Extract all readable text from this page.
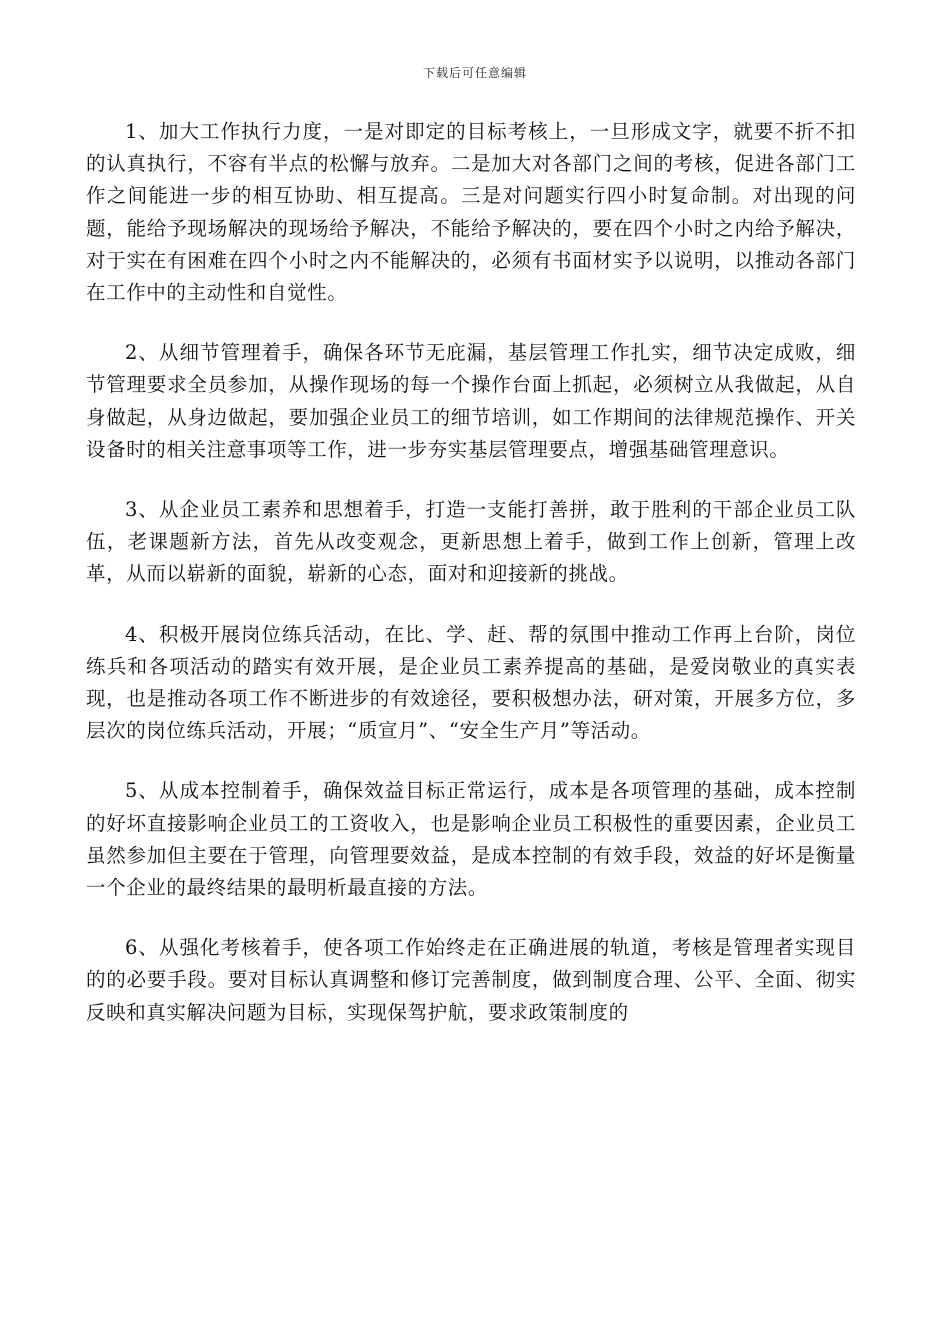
下载后可任意编辑

1、加大工作执行力度，一是对即定的目标考核上，一旦形成文字，就要不折不扣的认真执行，不容有半点的松懈与放弃。二是加大对各部门之间的考核，促进各部门工作之间能进一步的相互协助、相互提高。三是对问题实行四小时复命制。对出现的问题，能给予现场解决的现场给予解决，不能给予解决的，要在四个小时之内给予解决，对于实在有困难在四个小时之内不能解决的，必须有书面材实予以说明，以推动各部门在工作中的主动性和自觉性。

2、从细节管理着手，确保各环节无庇漏，基层管理工作扎实，细节决定成败，细节管理要求全员参加，从操作现场的每一个操作台面上抓起，必须树立从我做起，从自身做起，从身边做起，要加强企业员工的细节培训，如工作期间的法律规范操作、开关设备时的相关注意事项等工作，进一步夯实基层管理要点，增强基础管理意识。

3、从企业员工素养和思想着手，打造一支能打善拼，敢于胜利的干部企业员工队伍，老课题新方法，首先从改变观念，更新思想上着手，做到工作上创新，管理上改革，从而以崭新的面貌，崭新的心态，面对和迎接新的挑战。

4、积极开展岗位练兵活动，在比、学、赶、帮的氛围中推动工作再上台阶，岗位练兵和各项活动的踏实有效开展，是企业员工素养提高的基础，是爱岗敬业的真实表现，也是推动各项工作不断进步的有效途径，要积极想办法，研对策，开展多方位，多层次的岗位练兵活动，开展；“质宣月”、“安全生产月”等活动。

5、从成本控制着手，确保效益目标正常运行，成本是各项管理的基础，成本控制的好坏直接影响企业员工的工资收入，也是影响企业员工积极性的重要因素，企业员工虽然参加但主要在于管理，向管理要效益，是成本控制的有效手段，效益的好坏是衡量一个企业的最终结果的最明析最直接的方法。

6、从强化考核着手，使各项工作始终走在正确进展的轨道，考核是管理者实现目的的必要手段。要对目标认真调整和修订完善制度，做到制度合理、公平、全面、彻实反映和真实解决问题为目标，实现保驾护航，要求政策制度的
